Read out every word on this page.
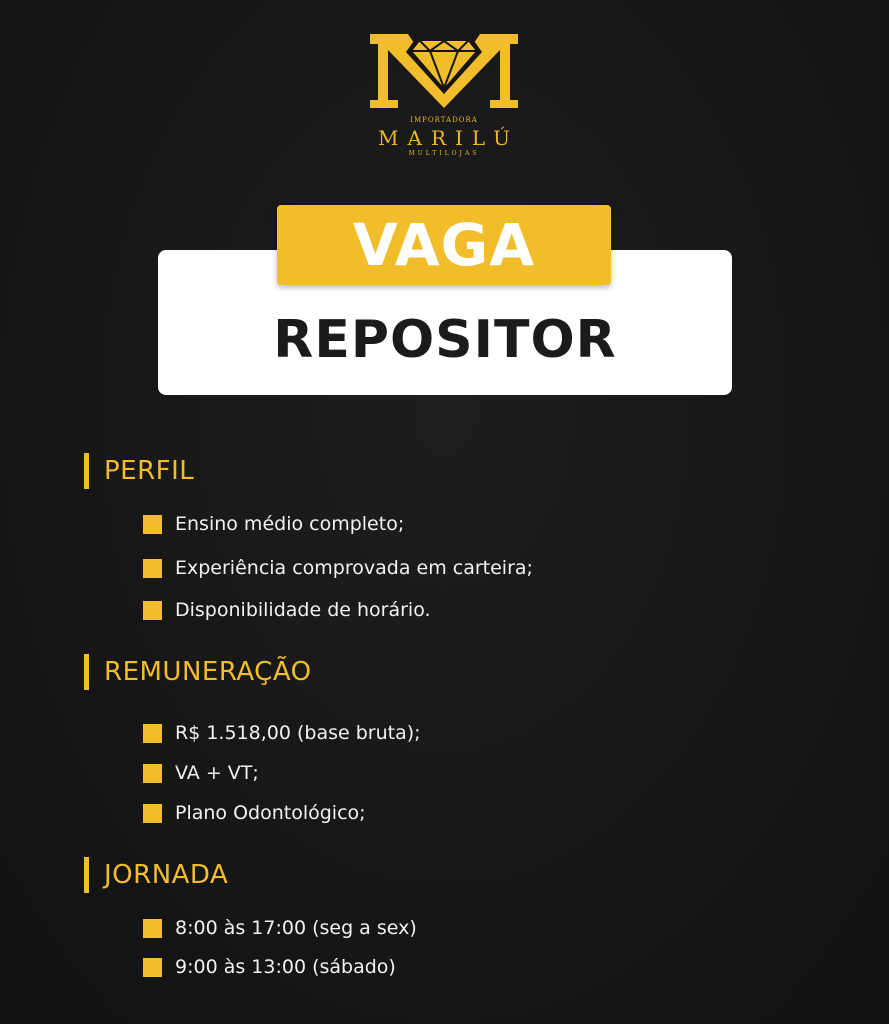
IMPORTADORA
MARILÚ
MULTILOJAS
VAGA
REPOSITOR
PERFIL
Ensino médio completo;
Experiência comprovada em carteira;
Disponibilidade de horário.
REMUNERAÇÃO
R$ 1.518,00 (base bruta);
VA + VT;
Plano Odontológico;
JORNADA
8:00 às 17:00 (seg a sex)
9:00 às 13:00 (sábado)
